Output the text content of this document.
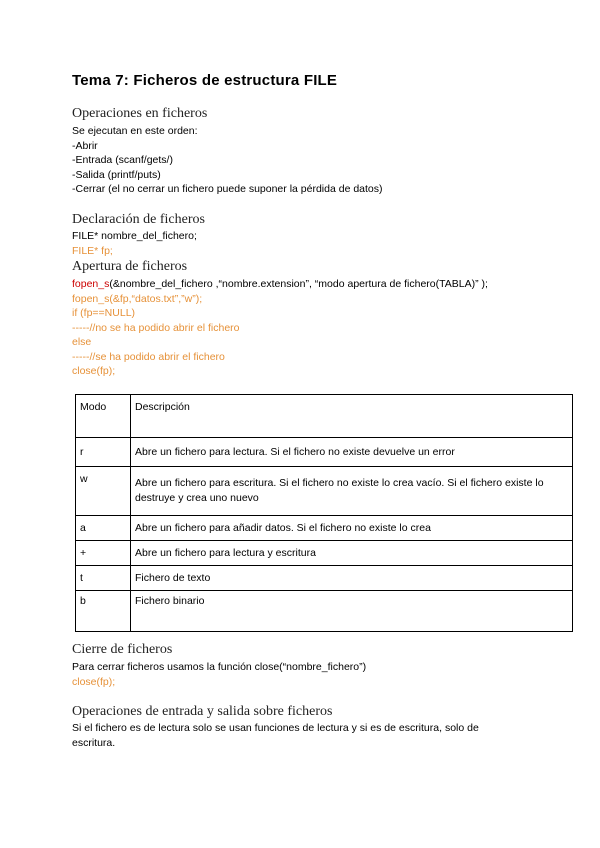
Tema 7: Ficheros de estructura FILE
Operaciones en ficheros
Se ejecutan en este orden:
-Abrir
-Entrada (scanf/gets/)
-Salida (printf/puts)
-Cerrar (el no cerrar un fichero puede suponer la pérdida de datos)
Declaración de ficheros
FILE* nombre_del_fichero;
FILE* fp;
Apertura de ficheros
fopen_s(&nombre_del_fichero ,“nombre.extension”, “modo apertura de fichero(TABLA)” );
fopen_s(&fp,“datos.txt”,”w”);
if (fp==NULL)
-----//no se ha podido abrir el fichero
else
-----//se ha podido abrir el fichero
close(fp);
Modo	Descripción
r	Abre un fichero para lectura. Si el fichero no existe devuelve un error
w	Abre un fichero para escritura. Si el fichero no existe lo crea vacío. Si el fichero existe lo destruye y crea uno nuevo
a	Abre un fichero para añadir datos. Si el fichero no existe lo crea
+	Abre un fichero para lectura y escritura
t	Fichero de texto
b	Fichero binario
Cierre de ficheros
Para cerrar ficheros usamos la función close(“nombre_fichero”)
close(fp);
Operaciones de entrada y salida sobre ficheros
Si el fichero es de lectura solo se usan funciones de lectura y si es de escritura, solo de escritura.
